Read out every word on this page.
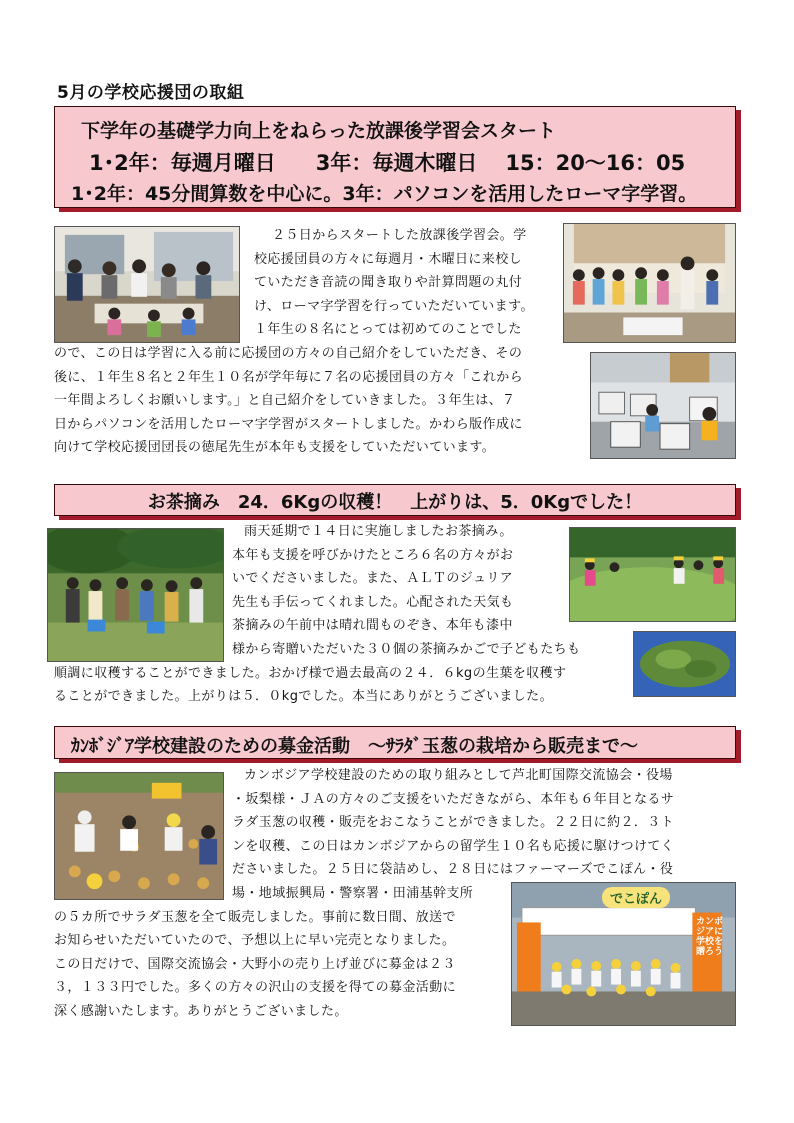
5月の学校応援団の取組
下学年の基礎学力向上をねらった放課後学習会スタート
1･2年：毎週月曜日 3年：毎週木曜日 15：20～16：05
1･2年：45分間算数を中心に。3年：パソコンを活用したローマ字学習。

２５日からスタートした放課後学習会。学

校応援団員の方々に毎週月・木曜日に来校し

ていただき音読の聞き取りや計算問題の丸付

け、ローマ字学習を行っていただいています。

１年生の８名にとっては初めてのことでした

ので、この日は学習に入る前に応援団の方々の自己紹介をしていただき、その

後に、１年生８名と２年生１０名が学年毎に７名の応援団員の方々「これから

一年間よろしくお願いします。」と自己紹介をしていきました。３年生は、７

日からパソコンを活用したローマ字学習がスタートしました。かわら版作成に

向けて学校応援団団長の徳尾先生が本年も支援をしていただいています。

お茶摘み　24．6Kgの収穫！　上がりは、5．0Kgでした！

雨天延期で１４日に実施しましたお茶摘み。

本年も支援を呼びかけたところ６名の方々がお

いでくださいました。また、ＡＬＴのジュリア

先生も手伝ってくれました。心配された天気も

茶摘みの午前中は晴れ間ものぞき、本年も漆中

様から寄贈いただいた３０個の茶摘みかごで子どもたちも

順調に収穫することができました。おかげ様で過去最高の２４．６kgの生葉を収穫す

ることができました。上がりは５．０kgでした。本当にありがとうございました。

ｶﾝﾎﾞｼﾞｱ学校建設のための募金活動　～ｻﾗﾀﾞ玉葱の栽培から販売まで～
でこぽん
カンボジアに学校を贈ろう

カンボジア学校建設のための取り組みとして芦北町国際交流協会・役場

・坂梨様・ＪＡの方々のご支援をいただきながら、本年も６年目となるサ

ラダ玉葱の収穫・販売をおこなうことができました。２２日に約２．３ト

ンを収穫、この日はカンボジアからの留学生１０名も応援に駆けつけてく

ださいました。２５日に袋詰めし、２８日にはファーマーズでこぽん・役

場・地域振興局・警察署・田浦基幹支所

の５カ所でサラダ玉葱を全て販売しました。事前に数日間、放送で

お知らせいただいていたので、予想以上に早い完売となりました。

この日だけで、国際交流協会・大野小の売り上げ並びに募金は２３

３，１３３円でした。多くの方々の沢山の支援を得ての募金活動に

深く感謝いたします。ありがとうございました。
